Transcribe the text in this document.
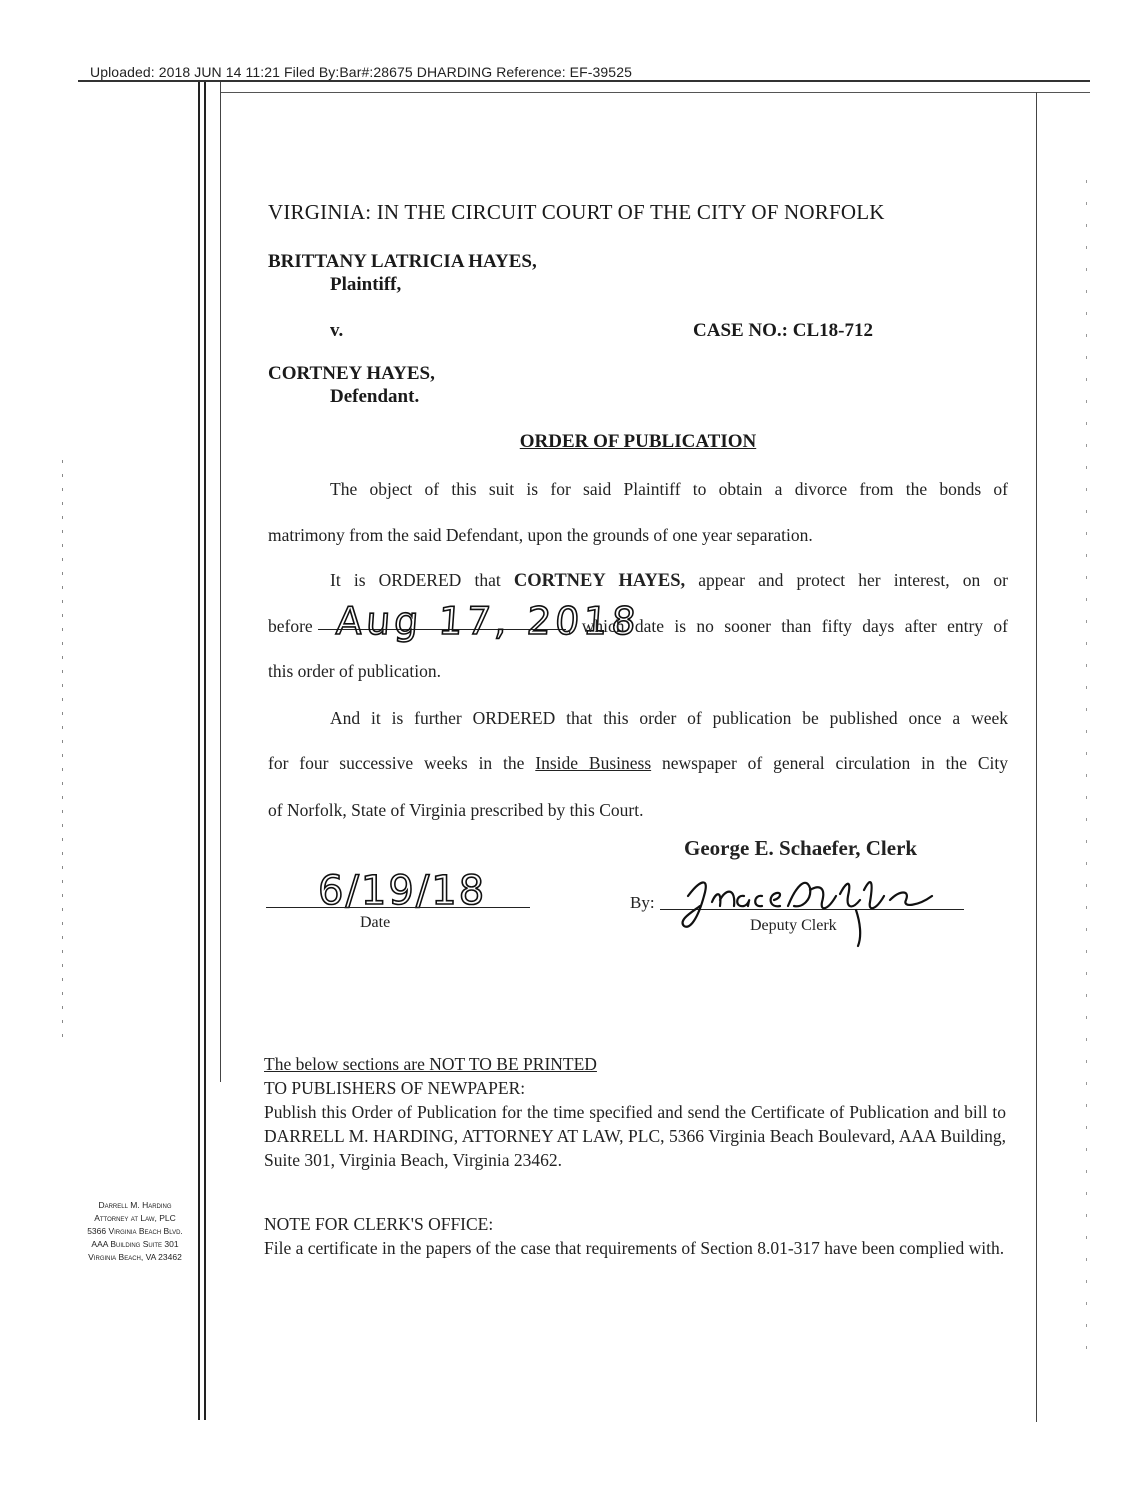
Uploaded: 2018 JUN 14 11:21 Filed By:Bar#:28675 DHARDING Reference: EF-39525
VIRGINIA: IN THE CIRCUIT COURT OF THE CITY OF NORFOLK
BRITTANY LATRICIA HAYES,
Plaintiff,
v.	CASE NO.: CL18-712
CORTNEY HAYES,
Defendant.
ORDER OF PUBLICATION
The object of this suit is for said Plaintiff to obtain a divorce from the bonds of
matrimony from the said Defendant, upon the grounds of one year separation.
It is ORDERED that CORTNEY HAYES, appear and protect her interest, on or
before Aug 17, 2018
, which date is no sooner than fifty days after entry of
this order of publication.
And it is further ORDERED that this order of publication be published once a week
for four successive weeks in the Inside Business newspaper of general circulation in the City
of Norfolk, State of Virginia prescribed by this Court.
George E. Schaefer, Clerk
6/19/18
Date
By:
Deputy Clerk

The below sections are NOT TO BE PRINTED

TO PUBLISHERS OF NEWPAPER:

Publish this Order of Publication for the time specified and send the Certificate of Publication and bill to DARRELL M. HARDING, ATTORNEY AT LAW, PLC, 5366 Virginia Beach Boulevard, AAA Building, Suite 301, Virginia Beach, Virginia 23462.

NOTE FOR CLERK'S OFFICE:

File a certificate in the papers of the case that requirements of Section 8.01-317 have been complied with.

Darrell M. Harding
Attorney at Law, PLC
5366 Virginia Beach Blvd.
AAA Building Suite 301
Virginia Beach, VA 23462
